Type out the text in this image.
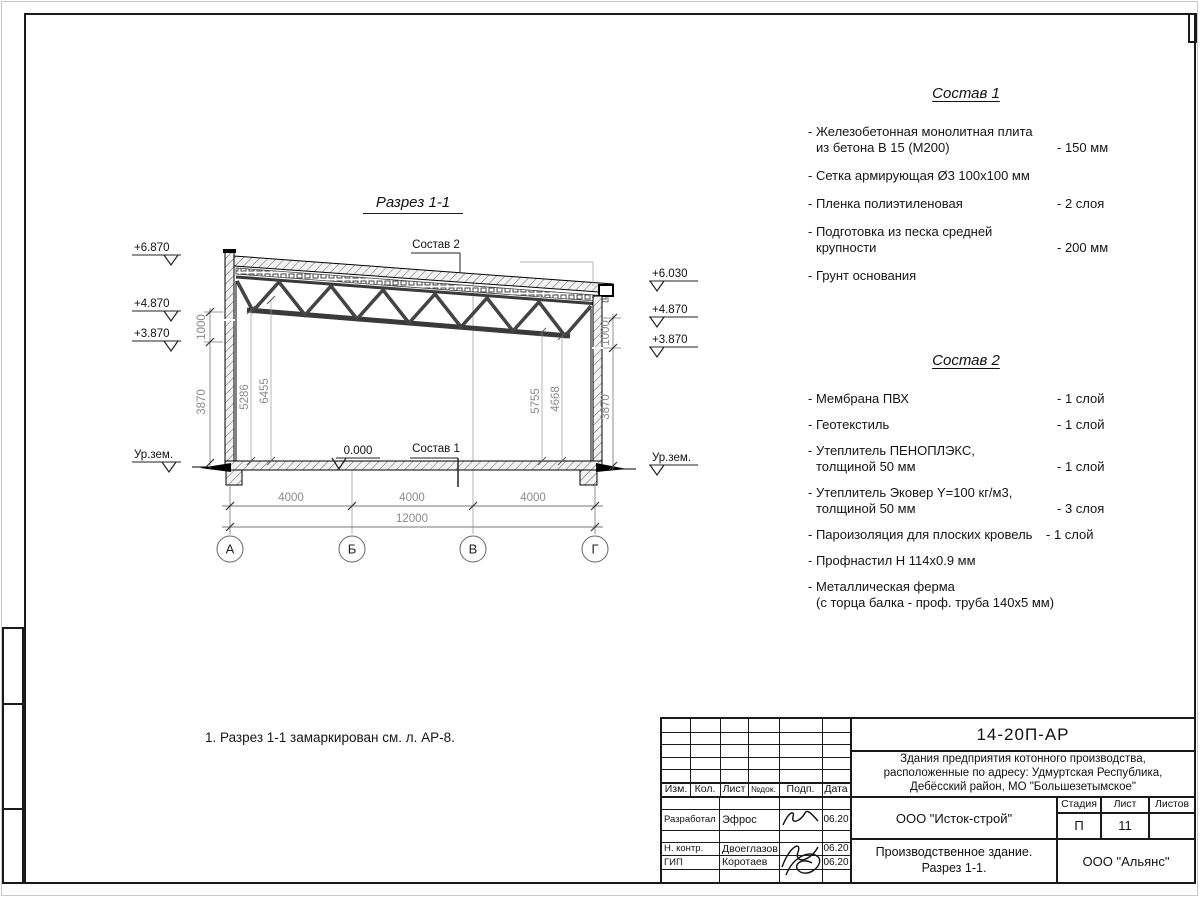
Разрез 1-1
5286 6455	5755 4668
1000
3870
1000
3870
4000	4000	4000
12000
А	Б	В	Г
+6.870
+4.870
+3.870
Ур.зем.
+6.030
+4.870
+3.870
Ур.зем.
0.000
Состав 2
Состав 1
Состав 1
- Железобетонная монолитная плита
из бетона В 15 (М200)	- 150 мм
- Сетка армирующая Ø3 100х100 мм
- Пленка полиэтиленовая	- 2 слоя
- Подготовка из песка средней
крупности	- 200 мм
- Грунт основания
Состав 2
- Мембрана ПВХ	- 1 слой
- Геотекстиль	- 1 слой
- Утеплитель ПЕНОПЛЭКС,
толщиной 50 мм	- 1 слой
- Утеплитель Эковер Y=100 кг/м3,
толщиной 50 мм	- 3 слоя
- Пароизоляция для плоских кровель	- 1 слой
- Профнастил Н 114х0.9 мм
- Металлическая ферма
(с торца балка - проф. труба 140х5 мм)
1. Разрез 1-1 замаркирован см. л. АР-8.
Изм. Кол. Лист №док.	Подп. Дата
Разработал Эфрос	06.20
Н. контр.	Двоеглазов	06.20
ГИП	Коротаев	06.20
14-20П-АР
Здания предприятия котонного производства,
расположенные по адресу: Удмуртская Республика,
Дебёсский район, МО "Большезетымское"
ООО "Исток-строй"
Стадия	Лист	Листов
П	11
Производственное здание.
Разрез 1-1.	ООО "Альянс"
